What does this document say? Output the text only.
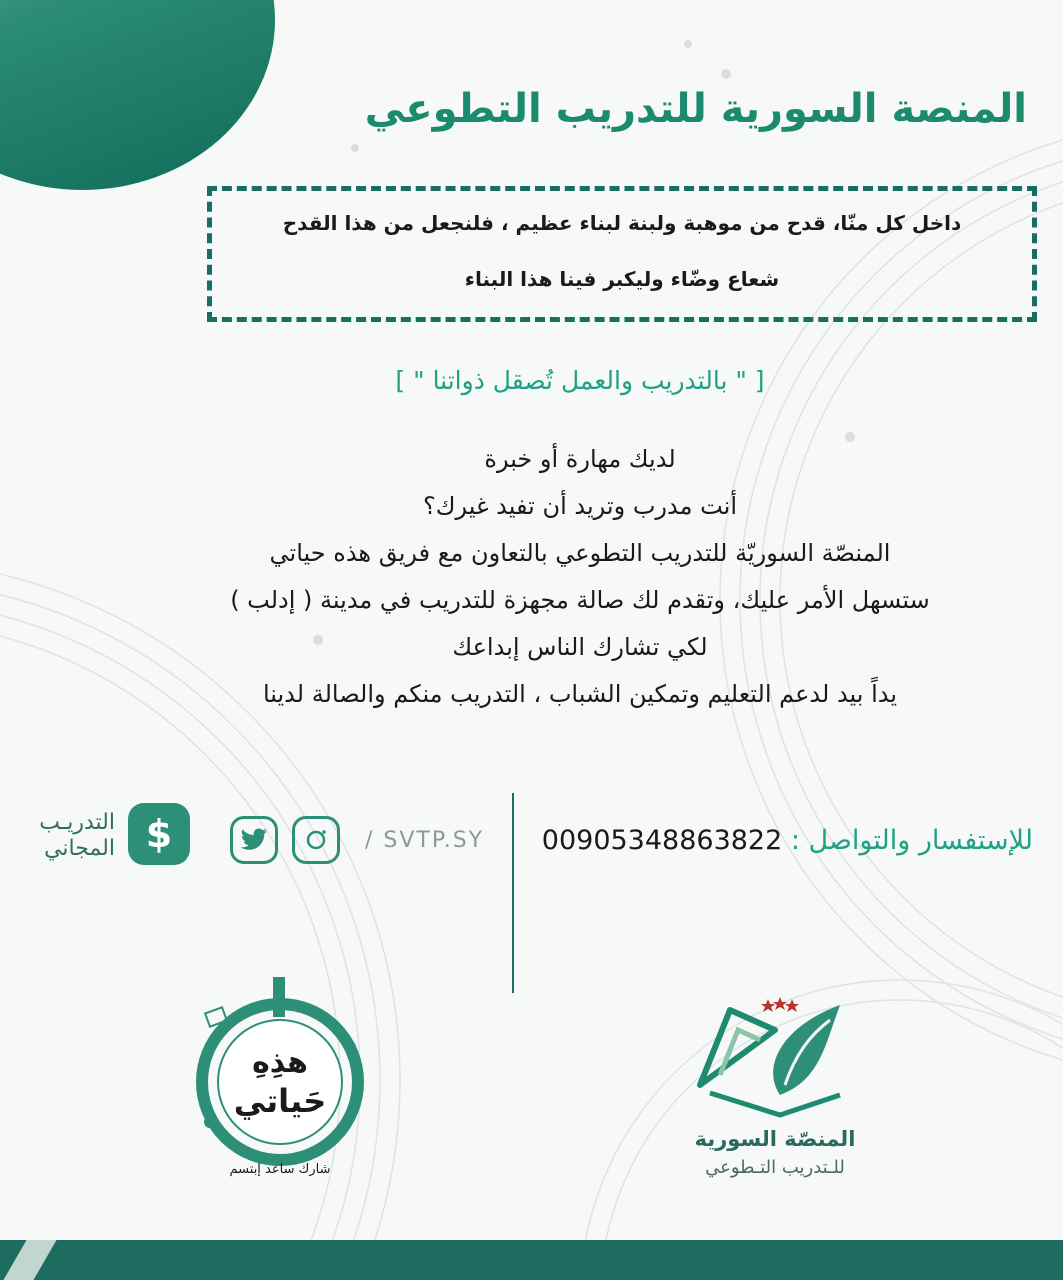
المنصة السورية للتدريب التطوعي
داخل كل منّا، قدح من موهبة ولبنة لبناء عظيم ، فلنجعل من هذا القدح
شعاع وضّاء وليكبر فينا هذا البناء
[ " بالتدريب والعمل تُصقل ذواتنا " ]
لديك مهارة أو خبرة
أنت مدرب وتريد أن تفيد غيرك؟
المنصّة السوريّة للتدريب التطوعي بالتعاون مع فريق هذه حياتي
ستسهل الأمر عليك، وتقدم لك صالة مجهزة للتدريب في مدينة ( إدلب )
لكي تشارك الناس إبداعك
يداً بيد لدعم التعليم وتمكين الشباب ، التدريب منكم والصالة لدينا
للإستفسار والتواصل : 00905348863822
/ SVTP.SY
$
التدريـب
المجاني
المنصّة السورية
للـتدريب التـطوعي
هذِهِ
حَياتي
شارك ساعد إبتسم
